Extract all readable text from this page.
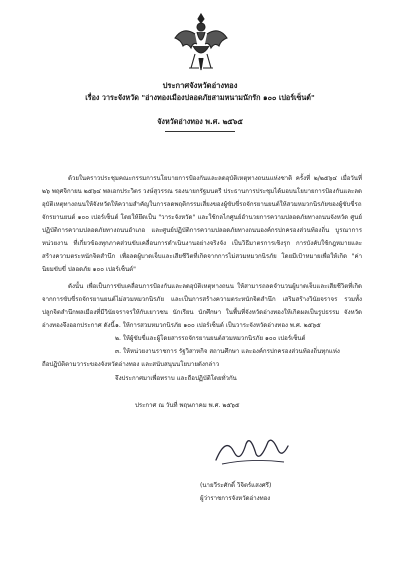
ประกาศจังหวัดอ่างทอง
เรื่อง วาระจังหวัด "อ่างทองเมืองปลอดภัยสามหนามนักรัก ๑๐๐ เปอร์เซ็นต์"
จังหวัดอ่างทอง พ.ศ. ๒๕๖๕

ด้วยในคราวประชุมคณะกรรมการนโยบายการป้องกันและลดอุบัติเหตุทางถนนแห่งชาติ ครั้งที่ ๒/๒๕๖๔ เมื่อวันที่ ๒๖ พฤศจิกายน ๒๕๖๔ พลเอกประวิตร วงษ์สุวรรณ รองนายกรัฐมนตรี ประธานการประชุมได้มอบนโยบายการป้องกันและลดอุบัติเหตุทางถนนให้จังหวัดให้ความสำคัญในการลดพฤติกรรมเสี่ยงของผู้ขับขี่รถจักรยานยนต์ให้สวมหมวกนิรภัยของผู้ขับขี่รถจักรยานยนต์ ๑๐๐ เปอร์เซ็นต์ โดยให้ยึดเป็น "วาระจังหวัด" และใช้กลไกศูนย์อำนวยการความปลอดภัยทางถนนจังหวัด ศูนย์ปฏิบัติการความปลอดภัยทางถนนอำเภอ และศูนย์ปฏิบัติการความปลอดภัยทางถนนองค์กรปกครองส่วนท้องถิ่น บูรณาการหน่วยงาน ที่เกี่ยวข้องทุกภาคส่วนขับเคลื่อนการดำเนินงานอย่างจริงจัง เป็นวิธีมาตรการเชิงรุก การบังคับใช้กฎหมายและสร้างความตระหนักจิตสำนึก เพื่อลดผู้บาดเจ็บและเสียชีวิตที่เกิดจากการไม่สวมหมวกนิรภัย โดยมีเป้าหมายเพื่อให้เกิด "ค่านิยมขับขี่ ปลอดภัย ๑๐๐ เปอร์เซ็นต์"

ดังนั้น เพื่อเป็นการขับเคลื่อนการป้องกันและลดอุบัติเหตุทางถนน ให้สามารถลดจำนวนผู้บาดเจ็บและเสียชีวิตที่เกิดจากการขับขี่รถจักรยานยนต์ไม่สวมหมวกนิรภัย และเป็นการสร้างความตระหนักจิตสำนึก เสริมสร้างวินัยจราจร รวมทั้งปลูกจิตสำนึกพลเมืองที่มีวินัยจราจรให้กับเยาวชน นักเรียน นักศึกษา ในพื้นที่จังหวัดอ่างทองให้เกิดผลเป็นรูปธรรม จังหวัดอ่างทองจึงออกประกาศ ดังนี้ ๑. ให้การสวมหมวกนิรภัย ๑๐๐ เปอร์เซ็นต์ เป็นวาระจังหวัดอ่างทอง พ.ศ. ๒๕๖๕

๒. ให้ผู้ขับขี่และผู้โดยสารรถจักรยานยนต์สวมหมวกนิรภัย ๑๐๐ เปอร์เซ็นต์

๓. ให้หน่วยงานราชการ รัฐวิสาหกิจ สถานศึกษา และองค์กรปกครองส่วนท้องถิ่นทุกแห่ง

ถือปฏิบัติตามวาระของจังหวัดอ่างทอง และสนับสนุนนโยบายดังกล่าว

จึงประกาศมาเพื่อทราบ และถือปฏิบัติโดยทั่วกัน
ประกาศ ณ วันที่ พฤษภาคม พ.ศ. ๒๕๖๕
(นายวีระศักดิ์ วิจิตร์แสงศรี)
ผู้ว่าราชการจังหวัดอ่างทอง
